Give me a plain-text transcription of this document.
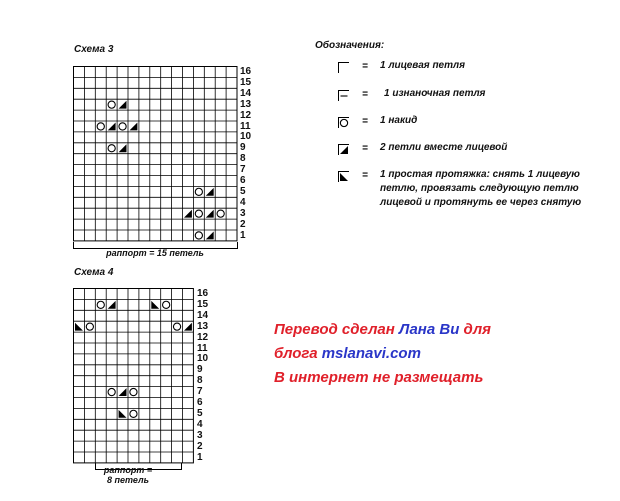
Схема 3
16
15
14
13
12
11
10
9
8
7
6
5
4
3
2
1
раппорт = 15 петель
Схема 4
16
15
14
13
12
11
10
9
8
7
6
5
4
3
2
1
раппорт =
8 петель
Обозначения:
= 1 лицевая петля
= 1 изнаночная петля
= 1 накид
= 2 петли вместе лицевой
= 1 простая протяжка: снять 1 лицевую петлю, провязать следующую петлю лицевой и протянуть ее через снятую
Перевод сделан Лана Ви для
блога mslanavi.com
В интернет не размещать
